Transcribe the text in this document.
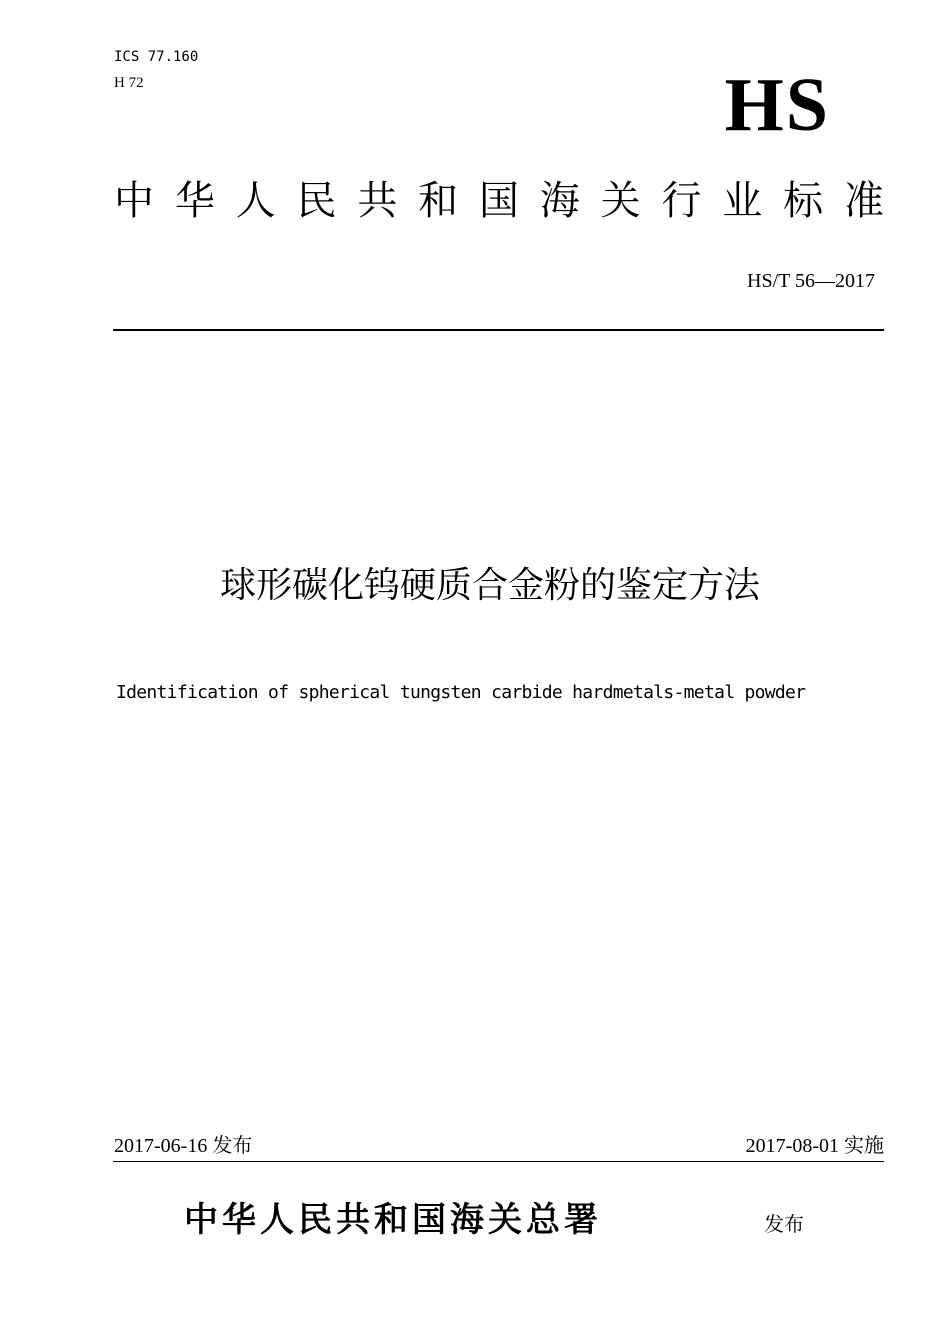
ICS 77.160
H 72	HS
中 华 人 民 共 和 国 海 关 行 业 标 准
HS/T 56—2017
球形碳化钨硬质合金粉的鉴定方法
Identification of spherical tungsten carbide hardmetals-metal powder
2017-06-16 发布	2017-08-01 实施
中华人民共和国海关总署	发布
